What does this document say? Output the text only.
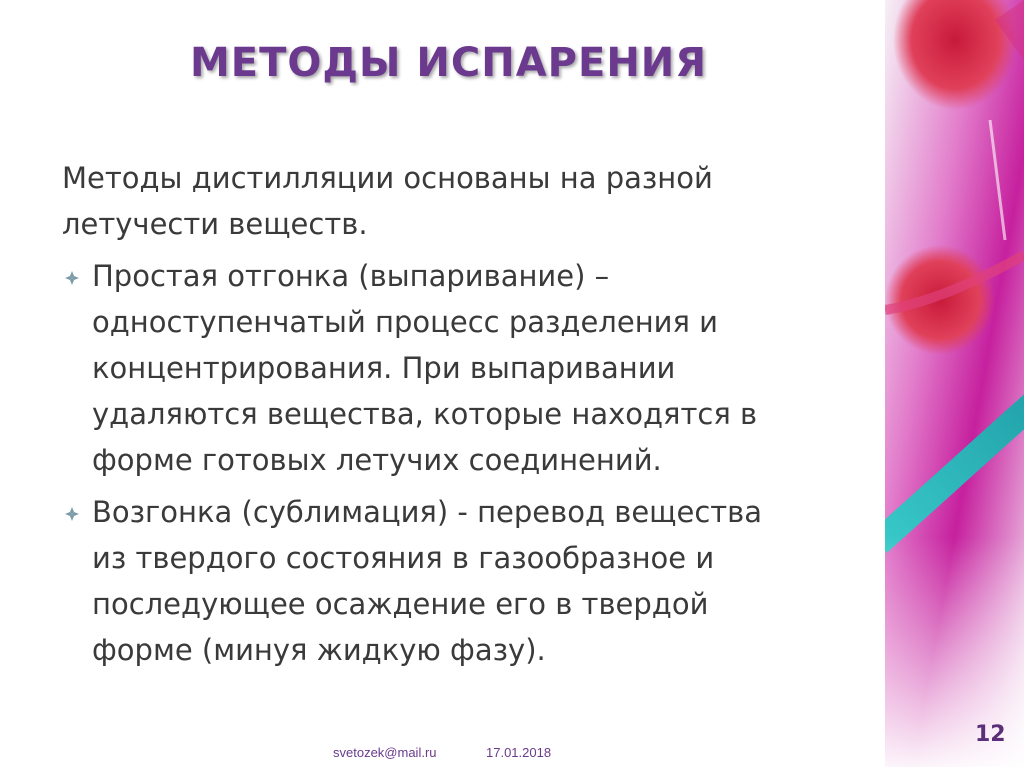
МЕТОДЫ ИСПАРЕНИЯ
Методы дистилляции основаны на разной
летучести веществ.
Простая отгонка (выпаривание) –
одноступенчатый процесс разделения и
концентрирования. При выпаривании
удаляются вещества, которые находятся в
форме готовых летучих соединений.
Возгонка (сублимация) - перевод вещества
из твердого состояния в газообразное и
последующее осаждение его в твердой
форме (минуя жидкую фазу).
svetozek@mail.ru	17.01.2018
12
